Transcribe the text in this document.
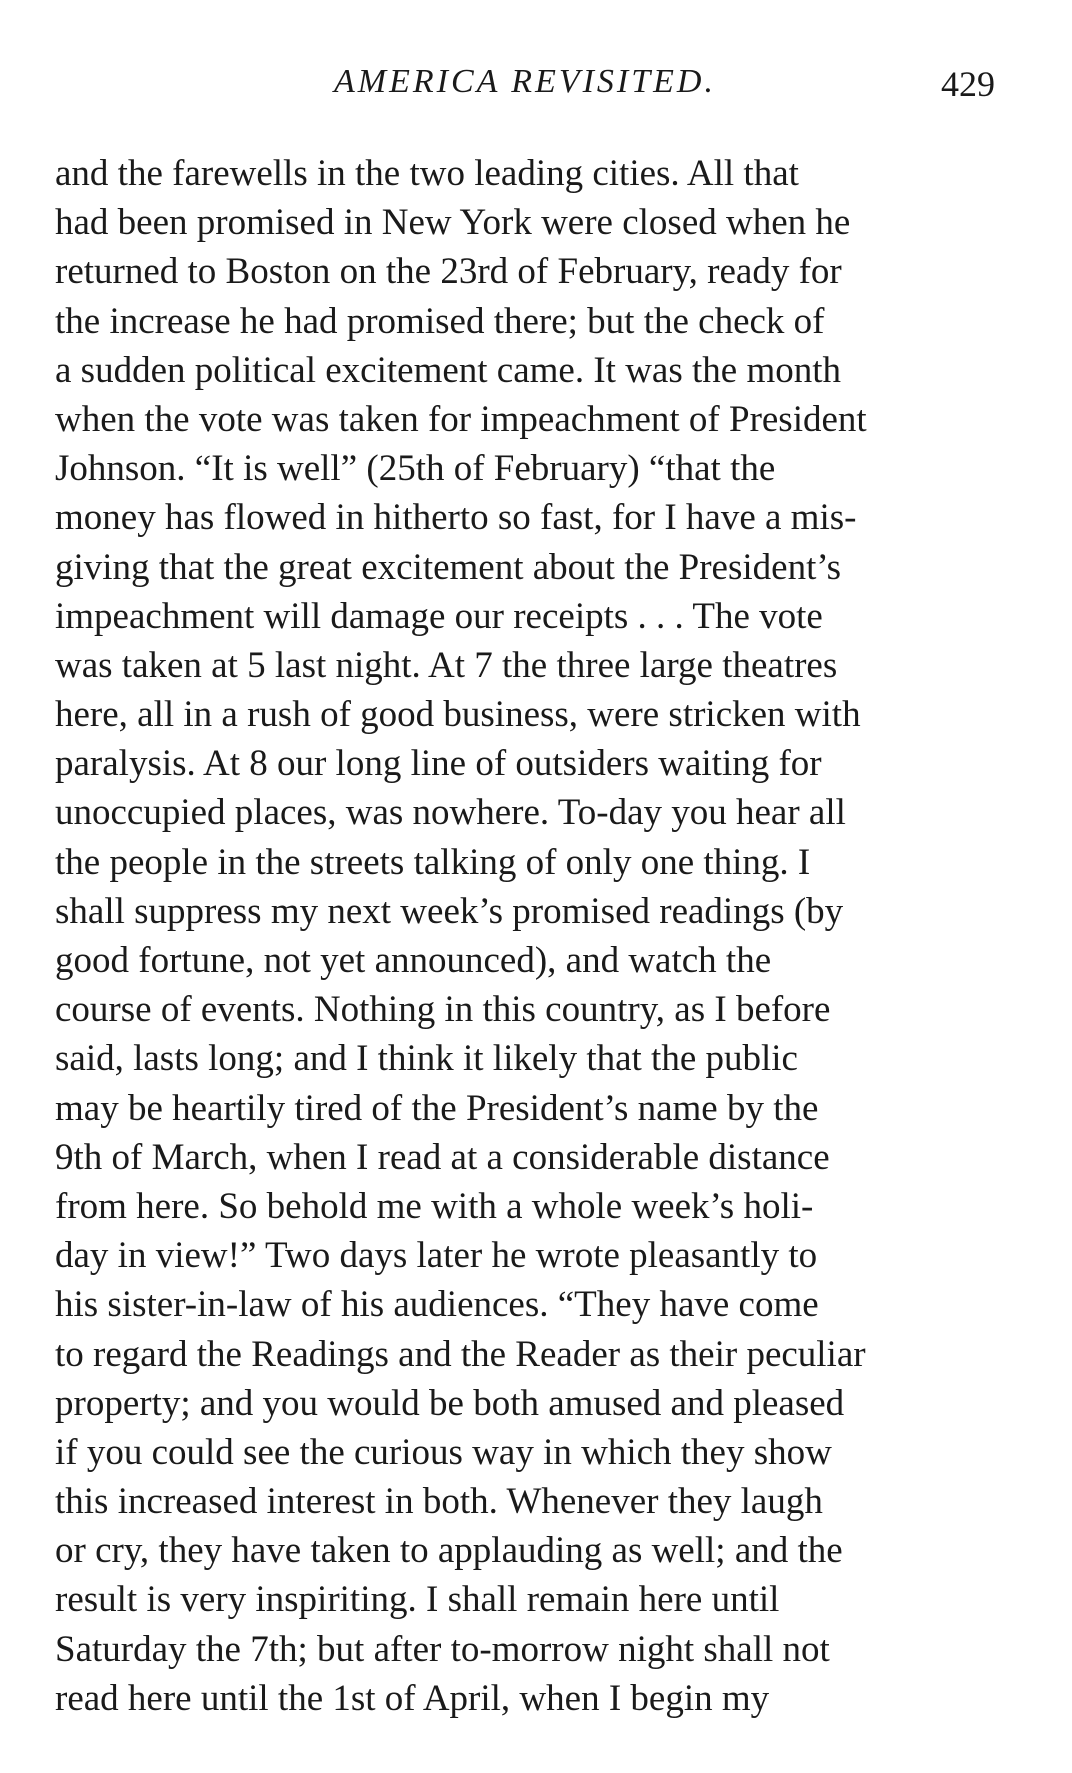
AMERICA REVISITED.	429
and the farewells in the two leading cities. All that
had been promised in New York were closed when he
returned to Boston on the 23rd of February, ready for
the increase he had promised there; but the check of
a sudden political excitement came. It was the month
when the vote was taken for impeachment of President
Johnson. “It is well” (25th of February) “that the
money has flowed in hitherto so fast, for I have a mis-
giving that the great excitement about the President’s
impeachment will damage our receipts . . . The vote
was taken at 5 last night. At 7 the three large theatres
here, all in a rush of good business, were stricken with
paralysis. At 8 our long line of outsiders waiting for
unoccupied places, was nowhere. To-day you hear all
the people in the streets talking of only one thing. I
shall suppress my next week’s promised readings (by
good fortune, not yet announced), and watch the
course of events. Nothing in this country, as I before
said, lasts long; and I think it likely that the public
may be heartily tired of the President’s name by the
9th of March, when I read at a considerable distance
from here. So behold me with a whole week’s holi-
day in view!” Two days later he wrote pleasantly to
his sister-in-law of his audiences. “They have come
to regard the Readings and the Reader as their peculiar
property; and you would be both amused and pleased
if you could see the curious way in which they show
this increased interest in both. Whenever they laugh
or cry, they have taken to applauding as well; and the
result is very inspiriting. I shall remain here until
Saturday the 7th; but after to-morrow night shall not
read here until the 1st of April, when I begin my
